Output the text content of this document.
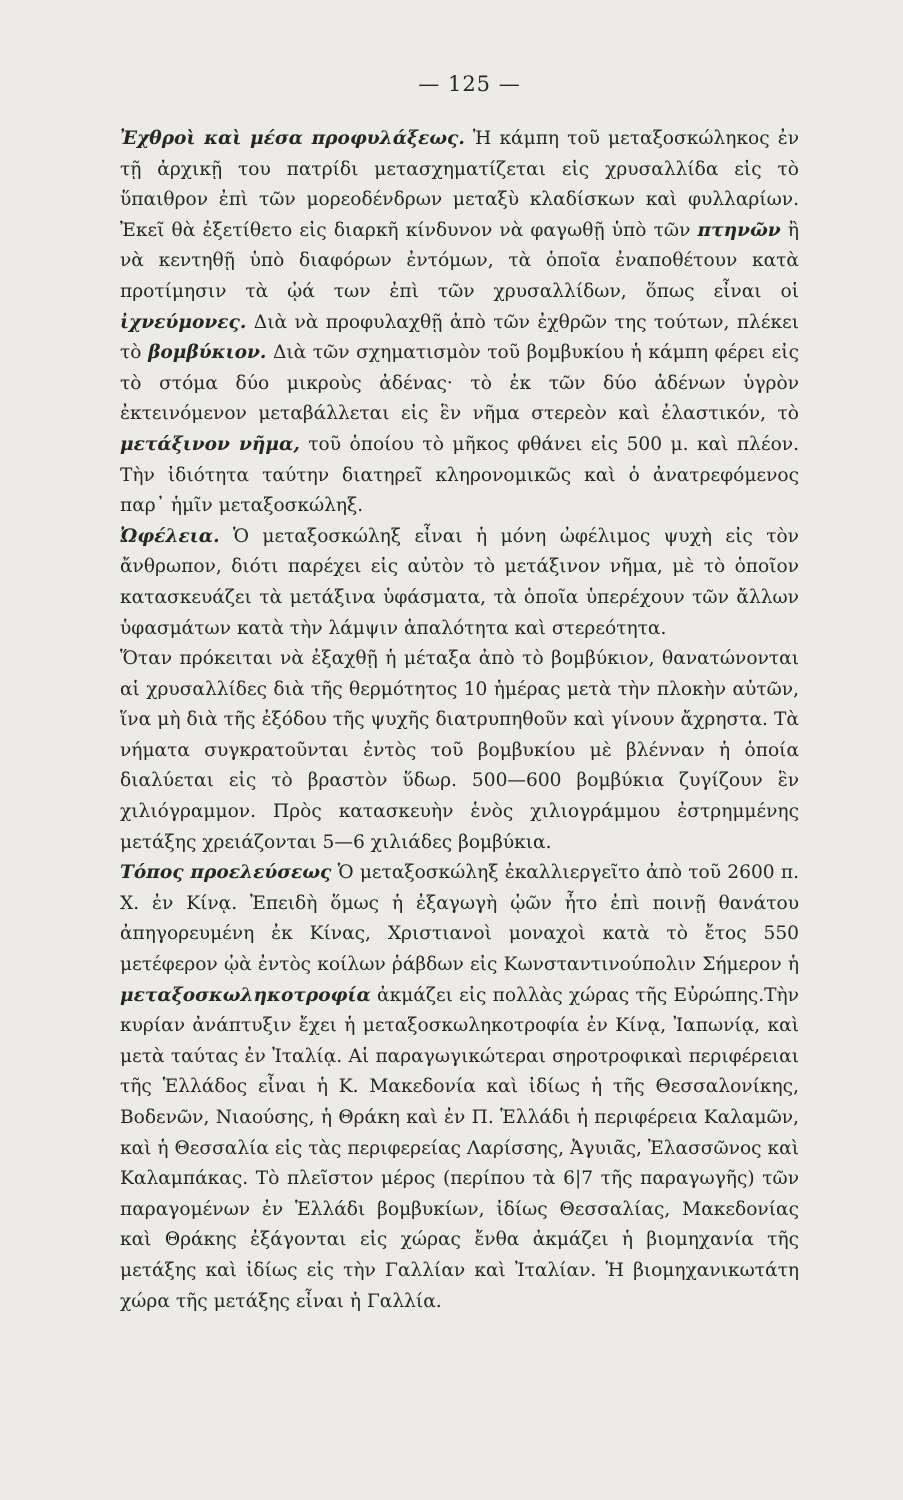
— 125 —

Ἐχθροὶ καὶ μέσα προφυλάξεως. Ἡ κάμπη τοῦ μεταξοσκώληκος ἐν τῇ ἀρχικῇ του πατρίδι μετασχηματίζεται εἰς χρυσαλλίδα εἰς τὸ ὕπαιθρον ἐπὶ τῶν μορεοδένδρων μεταξὺ κλαδίσκων καὶ φυλλαρίων. Ἐκεῖ θὰ ἐξετίθετο εἰς διαρκῆ κίνδυνον νὰ φαγωθῇ ὑπὸ τῶν πτηνῶν ἢ νὰ κεντηθῇ ὑπὸ διαφόρων ἐντόμων, τὰ ὁποῖα ἐναποθέτουν κατὰ προτίμησιν τὰ ᾠά των ἐπὶ τῶν χρυσαλλίδων, ὅπως εἶναι οἱ ἰχνεύμονες. Διὰ νὰ προφυλαχθῇ ἀπὸ τῶν ἐχθρῶν της τούτων, πλέκει τὸ βομβύκιον. Διὰ τῶν σχηματισμὸν τοῦ βομβυκίου ἡ κάμπη φέρει εἰς τὸ στόμα δύο μικροὺς ἀδένας· τὸ ἐκ τῶν δύο ἀδένων ὑγρὸν ἐκτεινόμενον μεταβάλλεται εἰς ἓν νῆμα στερεὸν καὶ ἐλαστικόν, τὸ μετάξινον νῆμα, τοῦ ὁποίου τὸ μῆκος φθάνει εἰς 500 μ. καὶ πλέον. Τὴν ἰδιότητα ταύτην διατηρεῖ κληρονομικῶς καὶ ὁ ἀνατρεφόμενος παρ᾽ ἡμῖν μεταξοσκώληξ.

Ὠφέλεια. Ὁ μεταξοσκώληξ εἶναι ἡ μόνη ὠφέλιμος ψυχὴ εἰς τὸν ἄνθρωπον, διότι παρέχει εἰς αὐτὸν τὸ μετάξινον νῆμα, μὲ τὸ ὁποῖον κατασκευάζει τὰ μετάξινα ὑφάσματα, τὰ ὁποῖα ὑπερέχουν τῶν ἄλλων ὑφασμάτων κατὰ τὴν λάμψιν ἁπαλότητα καὶ στερεότητα.

Ὅταν πρόκειται νὰ ἐξαχθῇ ἡ μέταξα ἀπὸ τὸ βομβύκιον, θανατώνονται αἱ χρυσαλλίδες διὰ τῆς θερμότητος 10 ἡμέρας μετὰ τὴν πλοκὴν αὐτῶν, ἵνα μὴ διὰ τῆς ἐξόδου τῆς ψυχῆς διατρυπηθοῦν καὶ γίνουν ἄχρηστα. Τὰ νήματα συγκρατοῦνται ἐντὸς τοῦ βομβυκίου μὲ βλένναν ἡ ὁποία διαλύεται εἰς τὸ βραστὸν ὕδωρ. 500—600 βομβύκια ζυγίζουν ἓν χιλιόγραμμον. Πρὸς κατασκευὴν ἑνὸς χιλιογράμμου ἐστρημμένης μετάξης χρειάζονται 5—6 χιλιάδες βομβύκια.

Τόπος προελεύσεως Ὁ μεταξοσκώληξ ἐκαλλιεργεῖτο ἀπὸ τοῦ 2600 π. Χ. ἐν Κίνᾳ. Ἐπειδὴ ὅμως ἡ ἐξαγωγὴ ᾠῶν ἦτο ἐπὶ ποινῇ θανάτου ἀπηγορευμένη ἐκ Κίνας, Χριστιανοὶ μοναχοὶ κατὰ τὸ ἔτος 550 μετέφερον ᾠὰ ἐντὸς κοίλων ῥάβδων εἰς Κωνσταντινούπολιν Σήμερον ἡ μεταξοσκωληκοτροφία ἀκμάζει εἰς πολλὰς χώρας τῆς Εὐρώπης.Τὴν κυρίαν ἀνάπτυξιν ἔχει ἡ μεταξοσκωληκοτροφία ἐν Κίνᾳ, Ἰαπωνίᾳ, καὶ μετὰ ταύτας ἐν Ἰταλίᾳ. Αἱ παραγωγικώτεραι σηροτροφικαὶ περιφέρειαι τῆς Ἑλλάδος εἶναι ἡ Κ. Μακεδονία καὶ ἰδίως ἡ τῆς Θεσσαλονίκης, Βοδενῶν, Νιαούσης, ἡ Θράκη καὶ ἐν Π. Ἑλλάδι ἡ περιφέρεια Καλαμῶν, καὶ ἡ Θεσσαλία εἰς τὰς περιφερείας Λαρίσσης, Ἀγυιᾶς, Ἐλασσῶνος καὶ Καλαμπάκας. Τὸ πλεῖστον μέρος (περίπου τὰ 6|7 τῆς παραγωγῆς) τῶν παραγομένων ἐν Ἑλλάδι βομβυκίων, ἰδίως Θεσσαλίας, Μακεδονίας καὶ Θράκης ἐξάγονται εἰς χώρας ἔνθα ἀκμάζει ἡ βιομηχανία τῆς μετάξης καὶ ἰδίως εἰς τὴν Γαλλίαν καὶ Ἰταλίαν. Ἡ βιομηχανικωτάτη χώρα τῆς μετάξης εἶναι ἡ Γαλλία.
